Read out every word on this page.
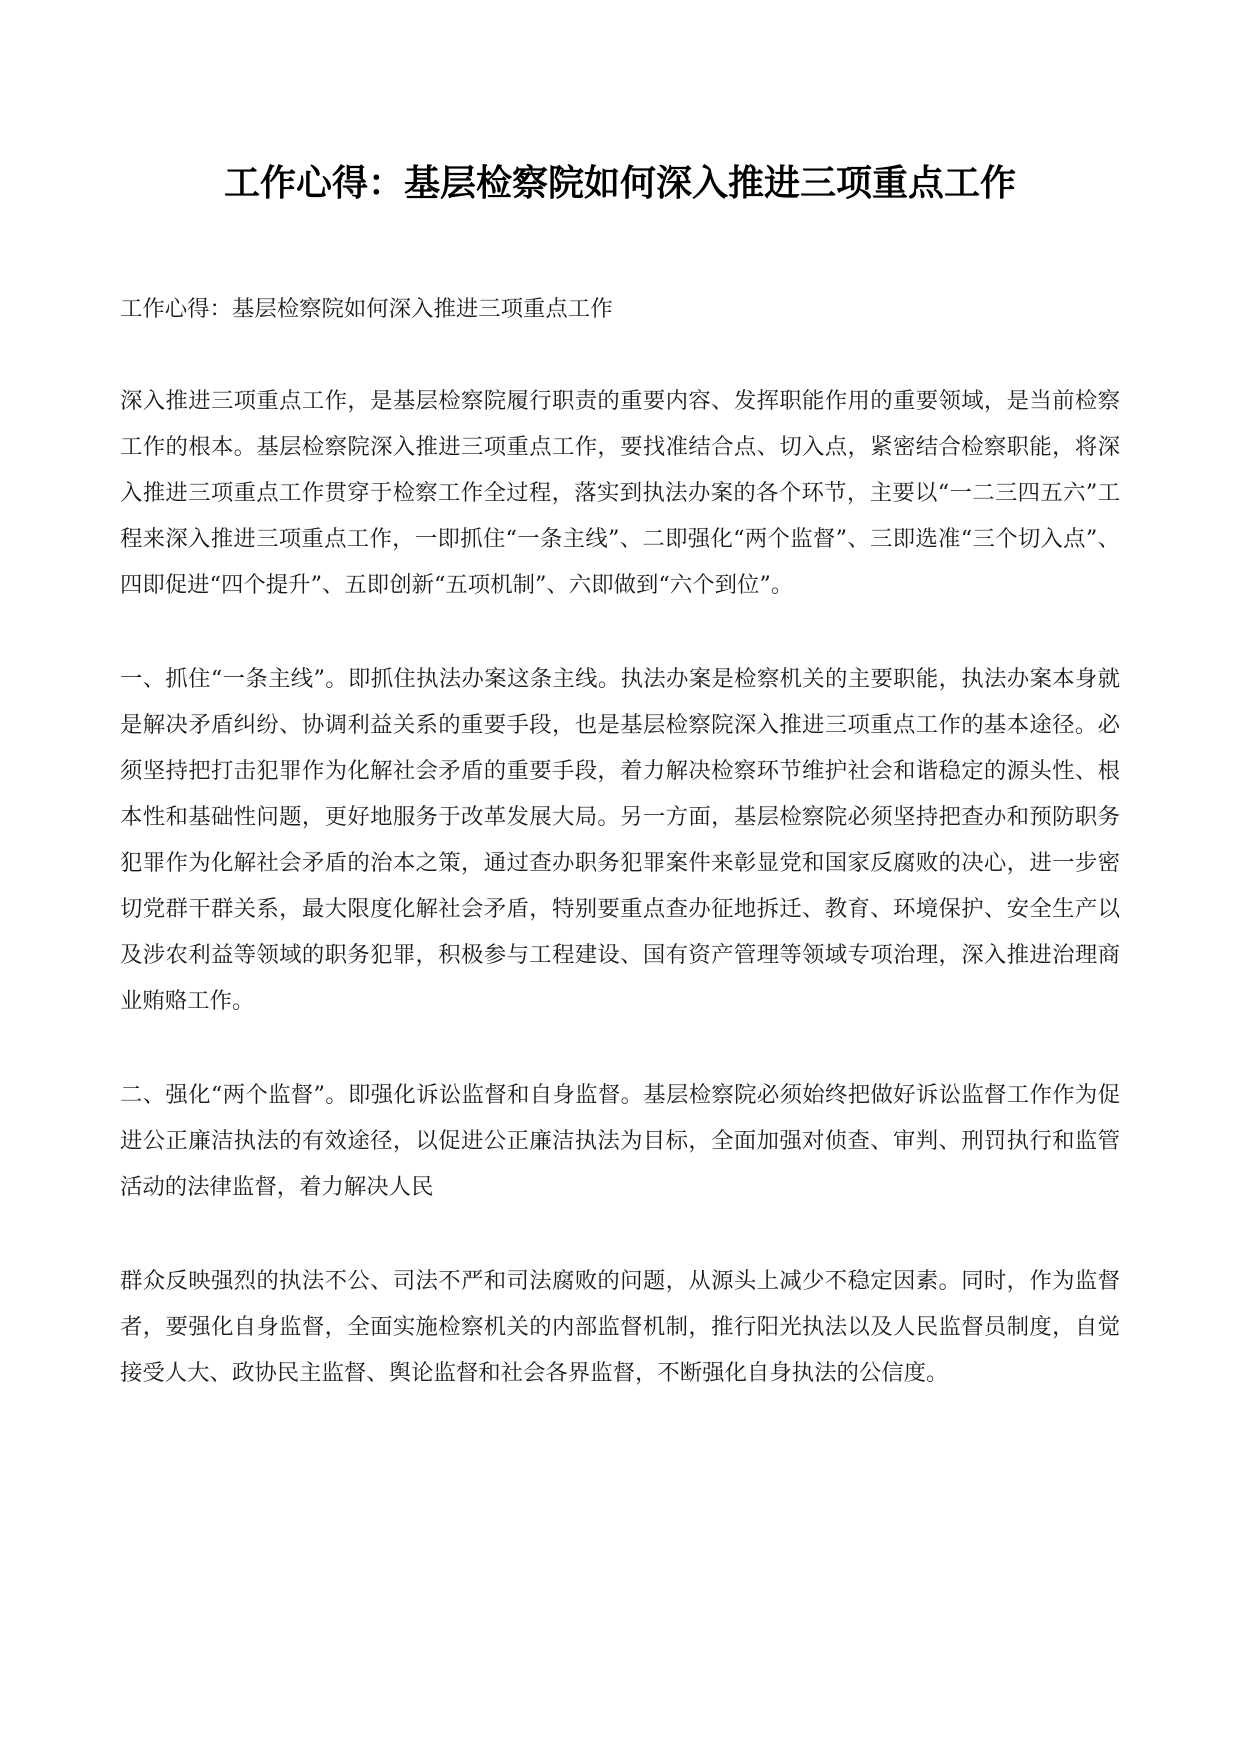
工作心得：基层检察院如何深入推进三项重点工作

工作心得：基层检察院如何深入推进三项重点工作

深入推进三项重点工作，是基层检察院履行职责的重要内容、发挥职能作用的重要领域，是当前检察工作的根本。基层检察院深入推进三项重点工作，要找准结合点、切入点，紧密结合检察职能，将深入推进三项重点工作贯穿于检察工作全过程，落实到执法办案的各个环节，主要以“一二三四五六”工程来深入推进三项重点工作，一即抓住“一条主线”、二即强化“两个监督”、三即选准“三个切入点”、四即促进“四个提升”、五即创新“五项机制”、六即做到“六个到位”。

一、抓住“一条主线”。即抓住执法办案这条主线。执法办案是检察机关的主要职能，执法办案本身就是解决矛盾纠纷、协调利益关系的重要手段，也是基层检察院深入推进三项重点工作的基本途径。必须坚持把打击犯罪作为化解社会矛盾的重要手段，着力解决检察环节维护社会和谐稳定的源头性、根本性和基础性问题，更好地服务于改革发展大局。另一方面，基层检察院必须坚持把查办和预防职务犯罪作为化解社会矛盾的治本之策，通过查办职务犯罪案件来彰显党和国家反腐败的决心，进一步密切党群干群关系，最大限度化解社会矛盾，特别要重点查办征地拆迁、教育、环境保护、安全生产以及涉农利益等领域的职务犯罪，积极参与工程建设、国有资产管理等领域专项治理，深入推进治理商业贿赂工作。

二、强化“两个监督”。即强化诉讼监督和自身监督。基层检察院必须始终把做好诉讼监督工作作为促进公正廉洁执法的有效途径，以促进公正廉洁执法为目标，全面加强对侦查、审判、刑罚执行和监管活动的法律监督，着力解决人民

群众反映强烈的执法不公、司法不严和司法腐败的问题，从源头上减少不稳定因素。同时，作为监督者，要强化自身监督，全面实施检察机关的内部监督机制，推行阳光执法以及人民监督员制度，自觉接受人大、政协民主监督、舆论监督和社会各界监督，不断强化自身执法的公信度。
